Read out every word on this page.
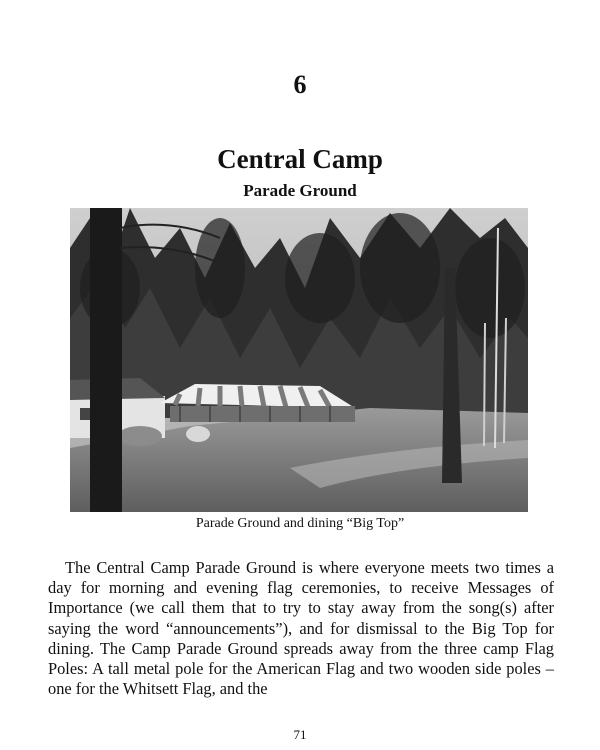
6
Central Camp
Parade Ground
Parade Ground and dining “Big Top”

The Central Camp Parade Ground is where everyone meets two times a day for morning and evening flag ceremonies, to receive Messages of Importance (we call them that to try to stay away from the song(s) after saying the word “announcements”), and for dismissal to the Big Top for dining. The Camp Parade Ground spreads away from the three camp Flag Poles: A tall metal pole for the American Flag and two wooden side poles – one for the Whitsett Flag, and the

71
